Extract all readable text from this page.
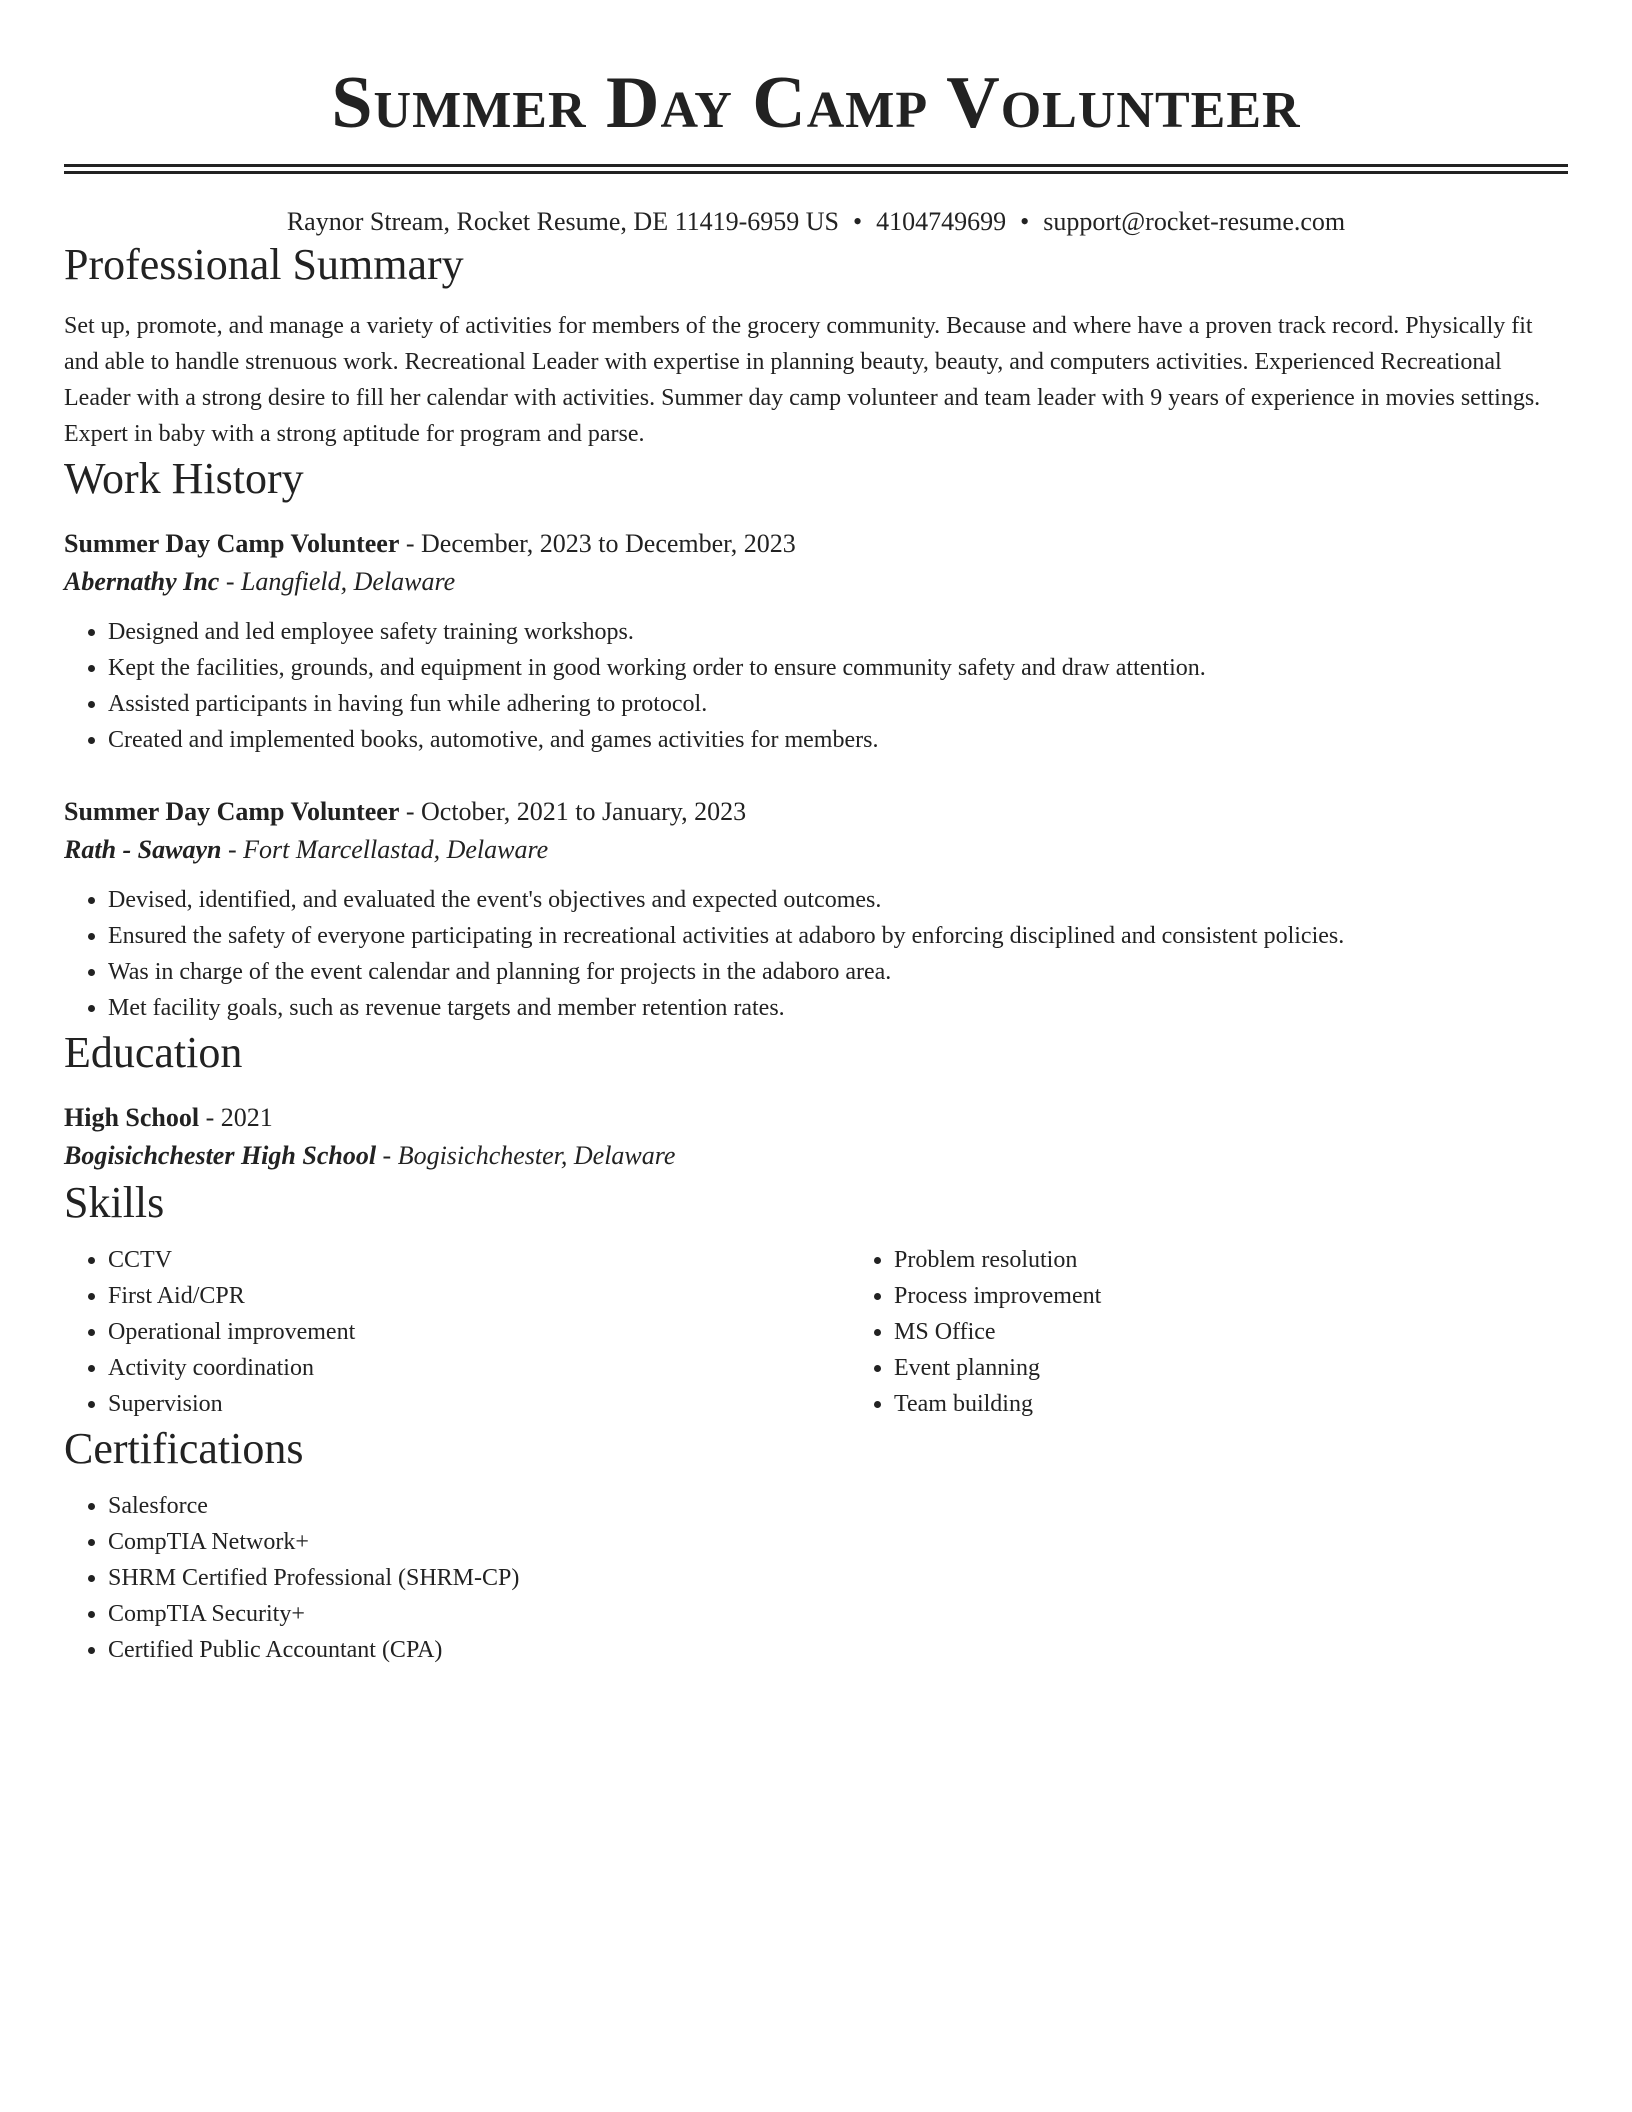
Summer Day Camp Volunteer
Raynor Stream, Rocket Resume, DE 11419-6959 US • 4104749699 • support@rocket-resume.com
Professional Summary

Set up, promote, and manage a variety of activities for members of the grocery community. Because and where have a proven track record. Physically fit and able to handle strenuous work. Recreational Leader with expertise in planning beauty, beauty, and computers activities. Experienced Recreational Leader with a strong desire to fill her calendar with activities. Summer day camp volunteer and team leader with 9 years of experience in movies settings. Expert in baby with a strong aptitude for program and parse.

Work History
Summer Day Camp Volunteer - December, 2023 to December, 2023
Abernathy Inc - Langfield, Delaware
• Designed and led employee safety training workshops.
• Kept the facilities, grounds, and equipment in good working order to ensure community safety and draw attention.
• Assisted participants in having fun while adhering to protocol.
• Created and implemented books, automotive, and games activities for members.
Summer Day Camp Volunteer - October, 2021 to January, 2023
Rath - Sawayn - Fort Marcellastad, Delaware
• Devised, identified, and evaluated the event's objectives and expected outcomes.
• Ensured the safety of everyone participating in recreational activities at adaboro by enforcing disciplined and consistent policies.
• Was in charge of the event calendar and planning for projects in the adaboro area.
• Met facility goals, such as revenue targets and member retention rates.
Education
High School - 2021
Bogisichchester High School - Bogisichchester, Delaware
Skills
• CCTV
• First Aid/CPR
• Operational improvement
• Activity coordination
• Supervision
• Problem resolution
• Process improvement
• MS Office
• Event planning
• Team building
Certifications
• Salesforce
• CompTIA Network+
• SHRM Certified Professional (SHRM-CP)
• CompTIA Security+
• Certified Public Accountant (CPA)
